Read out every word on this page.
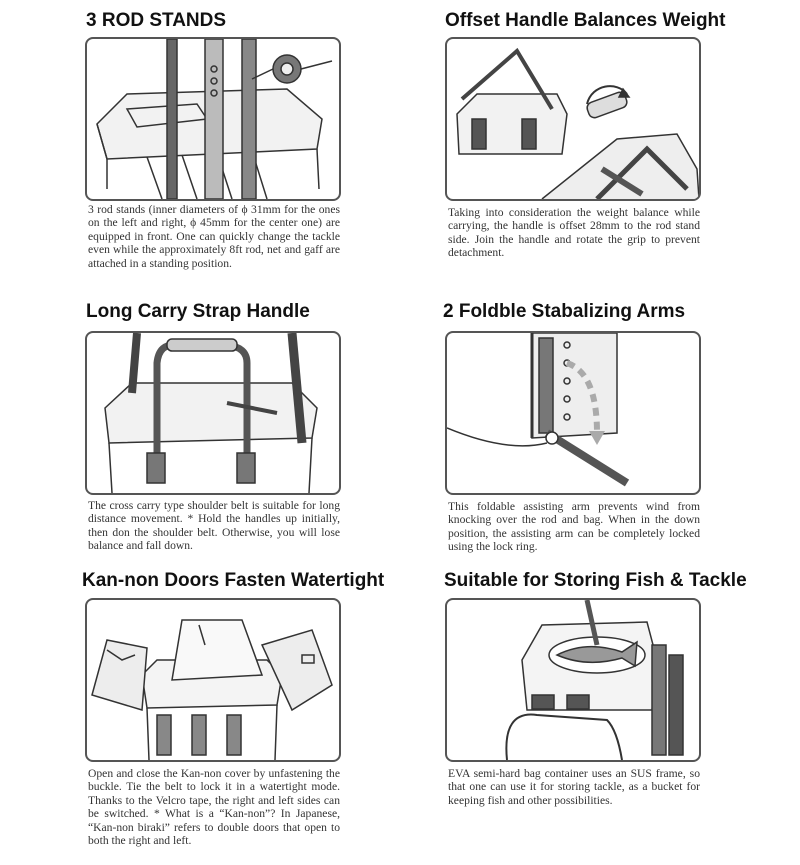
3 ROD STANDS
3 rod stands (inner diameters of ϕ 31mm for the ones on the left and right, ϕ 45mm for the center one) are equipped in front. One can quickly change the tackle even while the approximately 8ft rod, net and gaff are attached in a standing position.
Offset Handle Balances Weight
Taking into consideration the weight balance while carrying, the handle is offset 28mm to the rod stand side. Join the handle and rotate the grip to prevent detachment.
Long Carry Strap Handle
The cross carry type shoulder belt is suitable for long distance movement. * Hold the handles up initially, then don the shoulder belt. Otherwise, you will lose balance and fall down.
2 Foldble Stabalizing Arms
This foldable assisting arm prevents wind from knocking over the rod and bag. When in the down position, the assisting arm can be completely locked using the lock ring.
Kan-non Doors Fasten Watertight
Open and close the Kan-non cover by unfastening the buckle. Tie the belt to lock it in a watertight mode. Thanks to the Velcro tape, the right and left sides can be switched. * What is a “Kan-non”? In Japanese, “Kan-non biraki” refers to double doors that open to both the right and left.
Suitable for Storing Fish & Tackle
EVA semi-hard bag container uses an SUS frame, so that one can use it for storing tackle, as a bucket for keeping fish and other possibilities.
